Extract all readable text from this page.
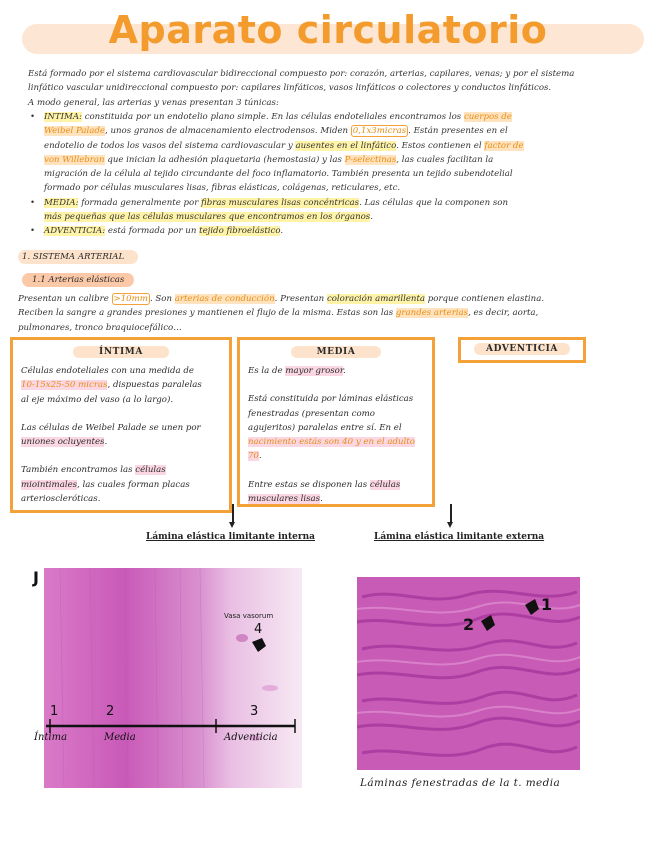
Aparato circulatorio
Está formado por el sistema cardiovascular bidireccional compuesto por: corazón, arterias, capilares, venas; y por el sistema
linfático vascular unidireccional compuesto por: capilares linfáticos, vasos linfáticos o colectores y conductos linfáticos.
A modo general, las arterias y venas presentan 3 túnicas:
• INTIMA: constituida por un endotelio plano simple. En las células endoteliales encontramos los cuerpos de
Weibel Palade, unos granos de almacenamiento electrodensos. Miden 0,1x3micras . Están presentes en el
endotelio de todos los vasos del sistema cardiovascular y ausentes en el linfático. Estos contienen el factor de
von Willebran que inician la adhesión plaquetaria (hemostasia) y las P-selectinas, las cuales facilitan la
migración de la célula al tejido circundante del foco inflamatorio. También presenta un tejido subendotelial
formado por células musculares lisas, fibras elásticas, colágenas, reticulares, etc.
• MEDIA: formada generalmente por fibras musculares lisas concéntricas. Las células que la componen son
más pequeñas que las células musculares que encontramos en los órganos.
• ADVENTICIA: está formada por un tejido fibroelástico.
1. SISTEMA ARTERIAL
1.1 Arterias elásticas
Presentan un calibre >10mm . Son arterias de conducción. Presentan coloración amarillenta porque contienen elastina.
Reciben la sangre a grandes presiones y mantienen el flujo de la misma. Estas son las grandes arterias, es decir, aorta,
pulmonares, tronco braquiocefálico…
ÍNTIMA

Células endoteliales con una medida de
10-15x25-50 micras, dispuestas paralelas
al eje máximo del vaso (a lo largo).

Las células de Weibel Palade se unen por
uniones ocluyentes.

También encontramos las células
miointimales, las cuales forman placas
arterioscleróticas.

MEDIA

Es la de mayor grosor.

Está constituida por láminas elásticas
fenestradas (presentan como
agujeritos) paralelas entre sí. En el
nacimiento estás son 40 y en el adulto
70.

Entre estas se disponen las células
musculares lisas.

ADVENTICIA
Lámina elástica limitante interna	Lámina elástica limitante externa
J
Vasa vasorum
4
1	2	3
Íntima	Media	Adventicia
1
2
Láminas fenestradas de la t. media
